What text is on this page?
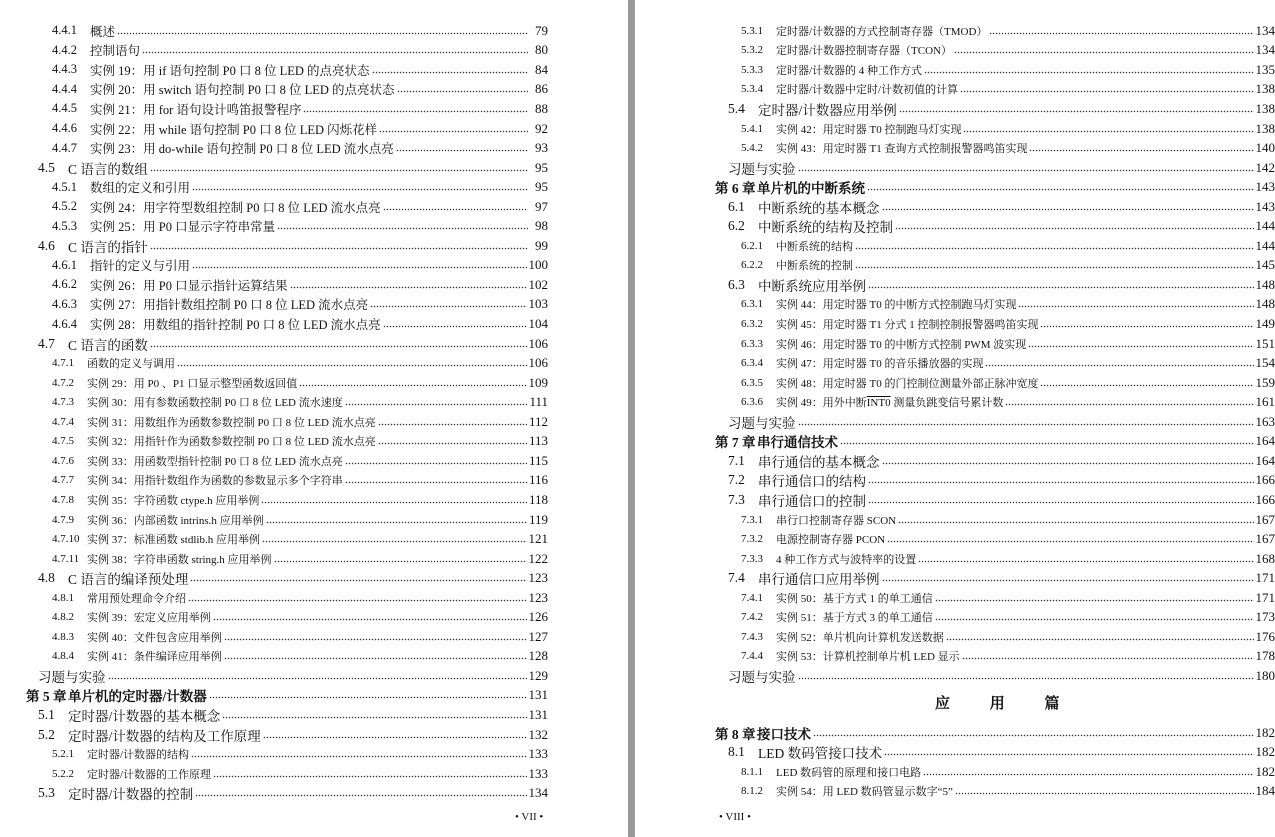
4.4.1	概述	79
4.4.2	控制语句	80
4.4.3	实例 19：用 if 语句控制 P0 口 8 位 LED 的点亮状态	84
4.4.4	实例 20：用 switch 语句控制 P0 口 8 位 LED 的点亮状态	86
4.4.5	实例 21：用 for 语句设计鸣笛报警程序	88
4.4.6	实例 22：用 while 语句控制 P0 口 8 位 LED 闪烁花样	92
4.4.7	实例 23：用 do-while 语句控制 P0 口 8 位 LED 流水点亮	93
4.5 C 语言的数组	95
4.5.1	数组的定义和引用	95
4.5.2	实例 24：用字符型数组控制 P0 口 8 位 LED 流水点亮	97
4.5.3	实例 25：用 P0 口显示字符串常量	98
4.6 C 语言的指针	99
4.6.1	指针的定义与引用	100
4.6.2	实例 26：用 P0 口显示指针运算结果	102
4.6.3	实例 27：用指针数组控制 P0 口 8 位 LED 流水点亮	103
4.6.4	实例 28：用数组的指针控制 P0 口 8 位 LED 流水点亮	104
4.7 C 语言的函数	106
4.7.1	函数的定义与调用	106
4.7.2	实例 29：用 P0 、P1 口显示整型函数返回值	109
4.7.3	实例 30：用有参数函数控制 P0 口 8 位 LED 流水速度	111
4.7.4	实例 31：用数组作为函数参数控制 P0 口 8 位 LED 流水点亮	112
4.7.5	实例 32：用指针作为函数参数控制 P0 口 8 位 LED 流水点亮	113
4.7.6	实例 33：用函数型指针控制 P0 口 8 位 LED 流水点亮	115
4.7.7	实例 34：用指针数组作为函数的参数显示多个字符串	116
4.7.8	实例 35：字符函数 ctype.h 应用举例	118
4.7.9	实例 36：内部函数 intrins.h 应用举例	119
4.7.10 实例 37：标准函数 stdlib.h 应用举例	121
4.7.11 实例 38：字符串函数 string.h 应用举例	122
4.8 C 语言的编译预处理	123
4.8.1	常用预处理命令介绍	123
4.8.2	实例 39：宏定义应用举例	126
4.8.3	实例 40：文件包含应用举例	127
4.8.4	实例 41：条件编译应用举例	128
习题与实验	129
第 5 章 单片机的定时器/计数器	131
5.1 定时器/计数器的基本概念	131
5.2 定时器/计数器的结构及工作原理	132
5.2.1	定时器/计数器的结构	133
5.2.2	定时器/计数器的工作原理	133
5.3 定时器/计数器的控制	134
• VII •
5.3.1	定时器/计数器的方式控制寄存器（TMOD）	134
5.3.2	定时器/计数器控制寄存器（TCON）	134
5.3.3	定时器/计数器的 4 种工作方式	135
5.3.4	定时器/计数器中定时/计数初值的计算	138
5.4 定时器/计数器应用举例	138
5.4.1	实例 42：用定时器 T0 控制跑马灯实现	138
5.4.2	实例 43：用定时器 T1 查询方式控制报警器鸣笛实现	140
习题与实验	142
第 6 章 单片机的中断系统	143
6.1 中断系统的基本概念	143
6.2 中断系统的结构及控制	144
6.2.1	中断系统的结构	144
6.2.2	中断系统的控制	145
6.3 中断系统应用举例	148
6.3.1	实例 44：用定时器 T0 的中断方式控制跑马灯实现	148
6.3.2	实例 45：用定时器 T1 分式 1 控制控制报警器鸣笛实现	149
6.3.3	实例 46：用定时器 T0 的中断方式控制 PWM 波实现	151
6.3.4	实例 47：用定时器 T0 的音乐播放器的实现	154
6.3.5	实例 48：用定时器 T0 的门控制位测量外部正脉冲宽度	159
6.3.6	实例 49：用外中断INT0 测量负跳变信号累计数	161
习题与实验	163
第 7 章 串行通信技术	164
7.1 串行通信的基本概念	164
7.2 串行通信口的结构	166
7.3 串行通信口的控制	166
7.3.1	串行口控制寄存器 SCON	167
7.3.2	电源控制寄存器 PCON	167
7.3.3	4 种工作方式与波特率的设置	168
7.4 串行通信口应用举例	171
7.4.1	实例 50：基于方式 1 的单工通信	171
7.4.2	实例 51：基于方式 3 的单工通信	173
7.4.3	实例 52：单片机向计算机发送数据	176
7.4.4	实例 53：计算机控制单片机 LED 显示	178
习题与实验	180
第 8 章 接口技术	182
8.1 LED 数码管接口技术	182
8.1.1	LED 数码管的原理和接口电路	182
8.1.2	实例 54：用 LED 数码管显示数字“5”	184
应 用 篇
• VIII •
